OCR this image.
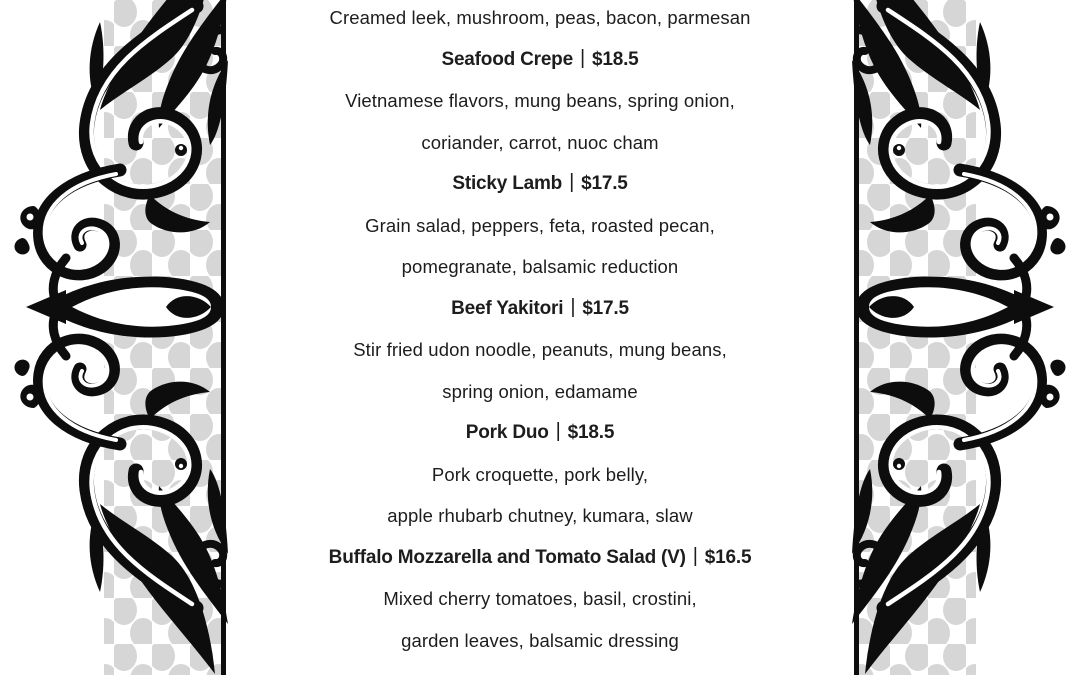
Creamed leek, mushroom, peas, bacon, parmesan
Seafood Crepe | $18.5
Vietnamese flavors, mung beans, spring onion,
coriander, carrot, nuoc cham
Sticky Lamb | $17.5
Grain salad, peppers, feta, roasted pecan,
pomegranate, balsamic reduction
Beef Yakitori | $17.5
Stir fried udon noodle, peanuts, mung beans,
spring onion, edamame
Pork Duo | $18.5
Pork croquette, pork belly,
apple rhubarb chutney, kumara, slaw
Buffalo Mozzarella and Tomato Salad (V) | $16.5
Mixed cherry tomatoes, basil, crostini,
garden leaves, balsamic dressing
